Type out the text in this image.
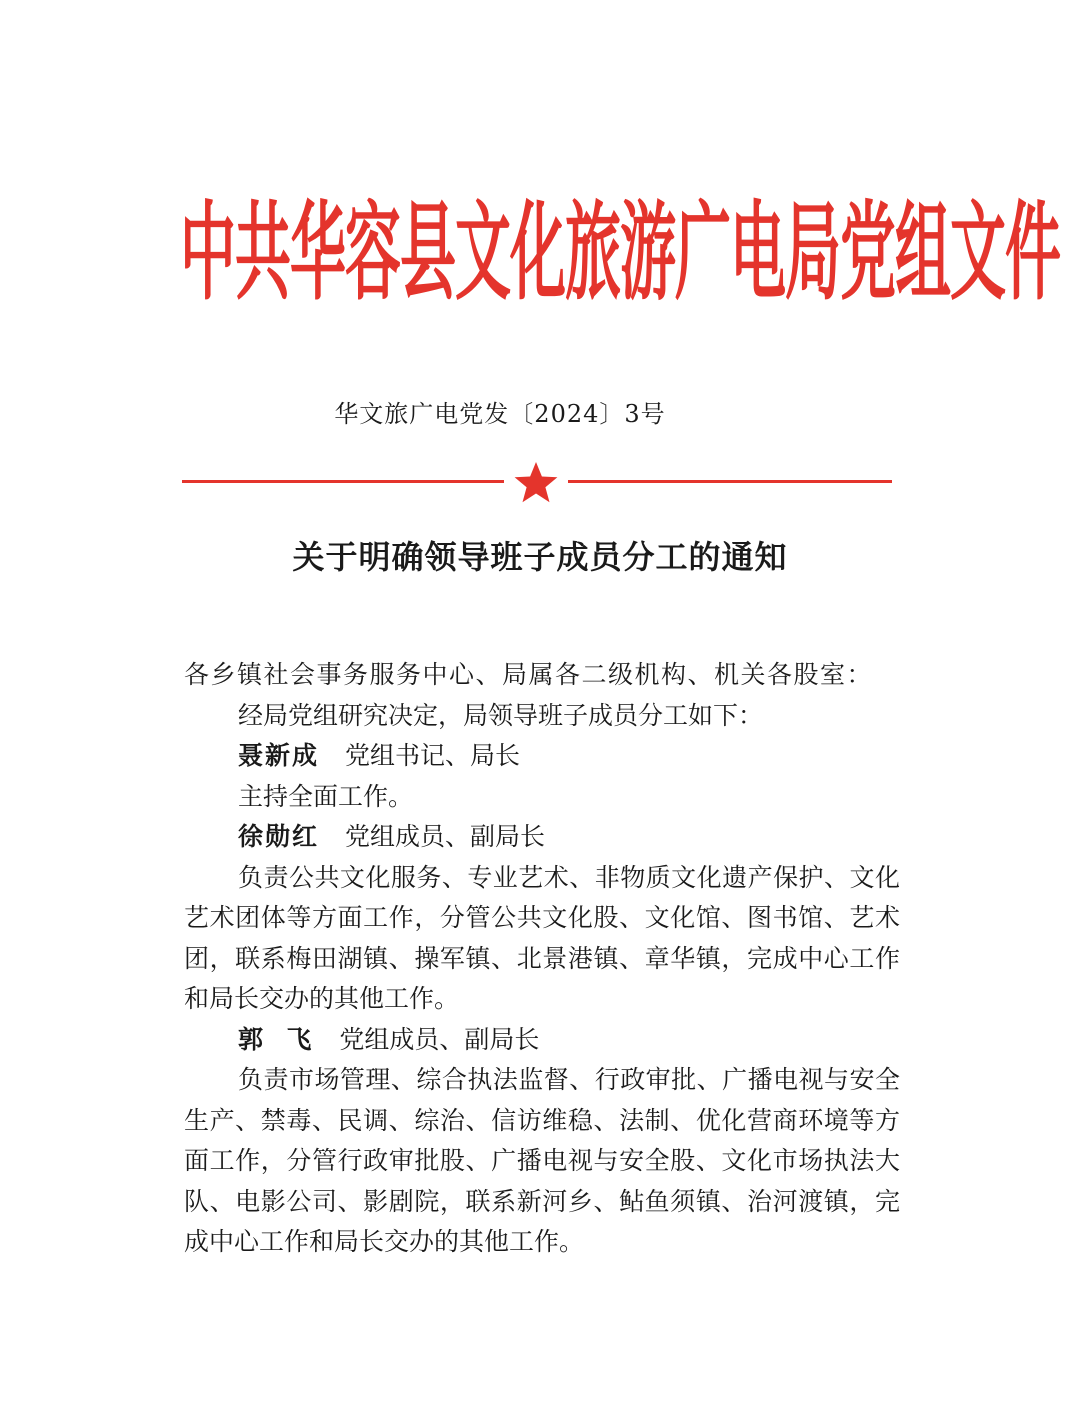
中共华容县文化旅游广电局党组文件
华文旅广电党发〔2024〕3号
关于明确领导班子成员分工的通知

各乡镇社会事务服务中心、局属各二级机构、机关各股室：

经局党组研究决定，局领导班子成员分工如下：

聂新成 党组书记、局长

主持全面工作。

徐勋红 党组成员、副局长

负责公共文化服务、专业艺术、非物质文化遗产保护、文化艺术团体等方面工作，分管公共文化股、文化馆、图书馆、艺术团，联系梅田湖镇、操军镇、北景港镇、章华镇，完成中心工作和局长交办的其他工作。

郭  飞 党组成员、副局长

负责市场管理、综合执法监督、行政审批、广播电视与安全生产、禁毒、民调、综治、信访维稳、法制、优化营商环境等方面工作，分管行政审批股、广播电视与安全股、文化市场执法大队、电影公司、影剧院，联系新河乡、鲇鱼须镇、治河渡镇，完成中心工作和局长交办的其他工作。
